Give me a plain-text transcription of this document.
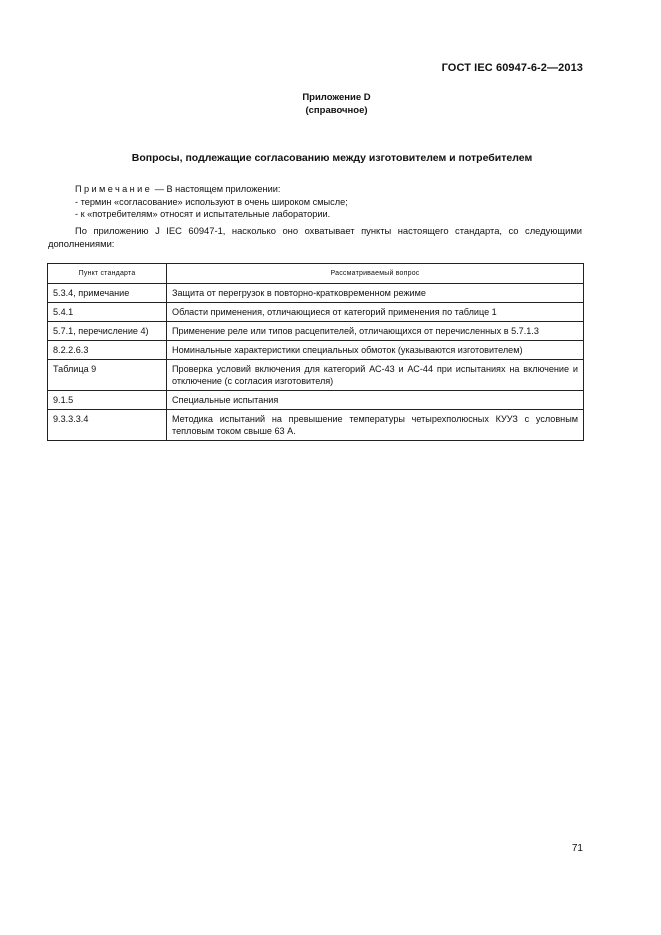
ГОСТ IEC 60947-6-2—2013
Приложение D
(справочное)
Вопросы, подлежащие согласованию между изготовителем и потребителем
Примечание — В настоящем приложении:
- термин «согласование» используют в очень широком смысле;
- к «потребителям» относят и испытательные лаборатории.
По приложению J IEC 60947-1, насколько оно охватывает пункты настоящего стандарта, со следующими дополнениями:
Пункт стандарта	Рассматриваемый вопрос
5.3.4, примечание	Защита от перегрузок в повторно-кратковременном режиме
5.4.1	Области применения, отличающиеся от категорий применения по таблице 1
5.7.1, перечисление 4)	Применение реле или типов расцепителей, отличающихся от перечисленных в 5.7.1.3
8.2.2.6.3	Номинальные характеристики специальных обмоток (указываются изготовителем)
Таблица 9	Проверка условий включения для категорий АС-43 и АС-44 при испытаниях на включение и отключение (с согласия изготовителя)
9.1.5	Специальные испытания
9.3.3.3.4	Методика испытаний на превышение температуры четырехполюсных КУУЗ с условным тепловым током свыше 63 А.
71
